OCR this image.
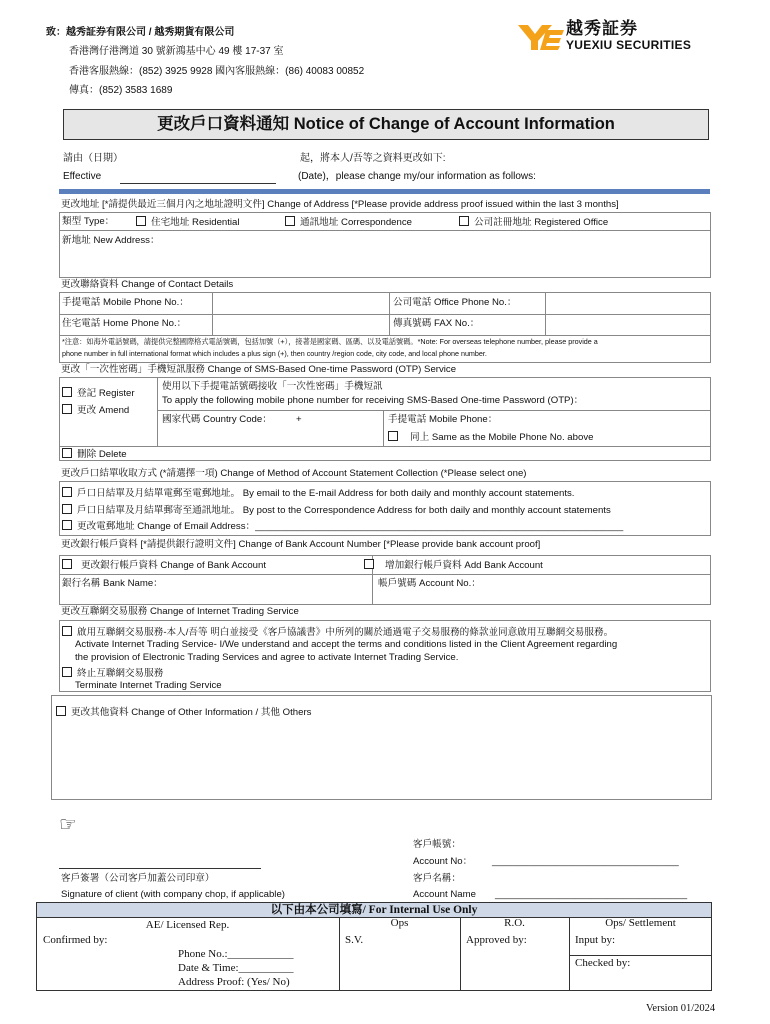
致：越秀証券有限公司 / 越秀期貨有限公司
香港灣仔港灣道 30 號新鴻基中心 49 樓 17-37 室
香港客服熱線：(852) 3925 9928 國內客服熱線：(86) 40083 00852
傳真：(852) 3583 1689
越秀証券
YUEXIU SECURITIES
更改戶口資料通知 Notice of Change of Account Information
請由（日期）
Effective
起，將本人/吾等之資料更改如下:
(Date)，please change my/our information as follows:
更改地址 [*請提供最近三個月內之地址證明文件] Change of Address [*Please provide address proof issued within the last 3 months]
類型 Type：	住宅地址 Residential	通訊地址 Correspondence	公司註冊地址 Registered Office
新地址 New Address：
更改聯絡資料 Change of Contact Details
手提電話 Mobile Phone No.：	公司電話 Office Phone No.：
住宅電話 Home Phone No.：	傳真號碼 FAX No.：
*注意：如海外電話號碼，請提供完整國際格式電話號碼，包括加號（+），接著是國家碼、區碼、以及電話號碼。*Note: For overseas telephone number, please provide a
phone number in full international format which includes a plus sign (+), then country /region code, city code, and local phone number.
更改「一次性密碼」手機短訊服務 Change of SMS-Based One-time Password (OTP) Service
登記 Register
更改 Amend
使用以下手提電話號碼接收「一次性密碼」手機短訊
To apply the following mobile phone number for receiving SMS-Based One-time Password (OTP)：
國家代碼 Country Code：	+	手提電話 Mobile Phone：
同上 Same as the Mobile Phone No. above
刪除 Delete
更改戶口結單收取方式 (*請選擇一項) Change of Method of Account Statement Collection (*Please select one)
戶口日結單及月結單電郵至電郵地址。 By email to the E-mail Address for both daily and monthly account statements.
戶口日結單及月結單郵寄至通訊地址。 By post to the Correspondence Address for both daily and monthly account statements
更改電郵地址 Change of Email Address：_____________________________________________________________________
更改銀行帳戶資料 [*請提供銀行證明文件] Change of Bank Account Number [*Please provide bank account proof]
更改銀行帳戶資料 Change of Bank Account	增加銀行帳戶資料 Add Bank Account
銀行名稱 Bank Name：	帳戶號碼 Account No.：
更改互聯網交易服務 Change of Internet Trading Service
啟用互聯網交易服務-本人/吾等 明白並接受《客戶協議書》中所列的關於通過電子交易服務的條款並同意啟用互聯網交易服務。
Activate Internet Trading Service- I/We understand and accept the terms and conditions listed in the Client Agreement regarding
the provision of Electronic Trading Services and agree to activate Internet Trading Service.
終止互聯網交易服務
Terminate Internet Trading Service
更改其他資料 Change of Other Information / 其他 Others
☞
客戶帳號：
Account No： ___________________________________
客戶簽署（公司客戶加蓋公司印章）
Signature of client (with company chop, if applicable)
客戶名稱：
Account Name ____________________________________
以下由本公司填寫/ For Internal Use Only
AE/ Licensed Rep.	Ops	R.O.	Ops/ Settlement
Confirmed by:
Phone No.:____________
Date & Time:__________
Address Proof: (Yes/ No)
S.V.	Approved by:	Input by:
Checked by:
Version 01/2024
